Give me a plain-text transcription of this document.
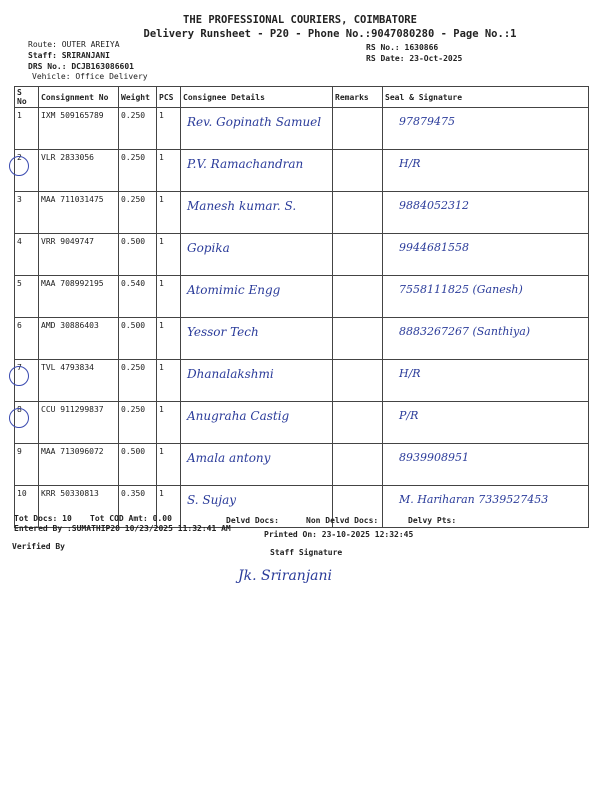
THE PROFESSIONAL COURIERS, COIMBATORE
Delivery Runsheet - P20 - Phone No.:9047080280 - Page No.:1
Route: OUTER AREIYA
Staff: SRIRANJANI
DRS No.: DCJB163086601
Vehicle: Office Delivery
RS No.: 1630866
RS Date: 23-Oct-2025
S No	Consignment No	Weight	PCS	Consignee Details	Remarks	Seal & Signature
1	IXM 509165789	0.250	1	Rev. Gopinath Samuel		97879475
2	VLR 2833056	0.250	1	P.V. Ramachandran		H/R
3	MAA 711031475	0.250	1	Manesh kumar. S.		9884052312
4	VRR 9049747	0.500	1	Gopika		9944681558
5	MAA 708992195	0.540	1	Atomimic Engg		7558111825 (Ganesh)
6	AMD 30886403	0.500	1	Yessor Tech		8883267267 (Santhiya)
7	TVL 4793834	0.250	1	Dhanalakshmi		H/R
8	CCU 911299837	0.250	1	Anugraha Castig		P/R
9	MAA 713096072	0.500	1	Amala antony		8939908951
10	KRR 50330813	0.350	1	S. Sujay		M. Hariharan 7339527453
Tot Docs: 10 Tot COD Amt: 0.00	Delvd Docs:	Non Delvd Docs:	Delvy Pts:
Entered By :SUMATHIP20 10/23/2025 11:32:41 AM
Printed On: 23-10-2025 12:32:45
Verified By
Staff Signature
Jk. Sriranjani
